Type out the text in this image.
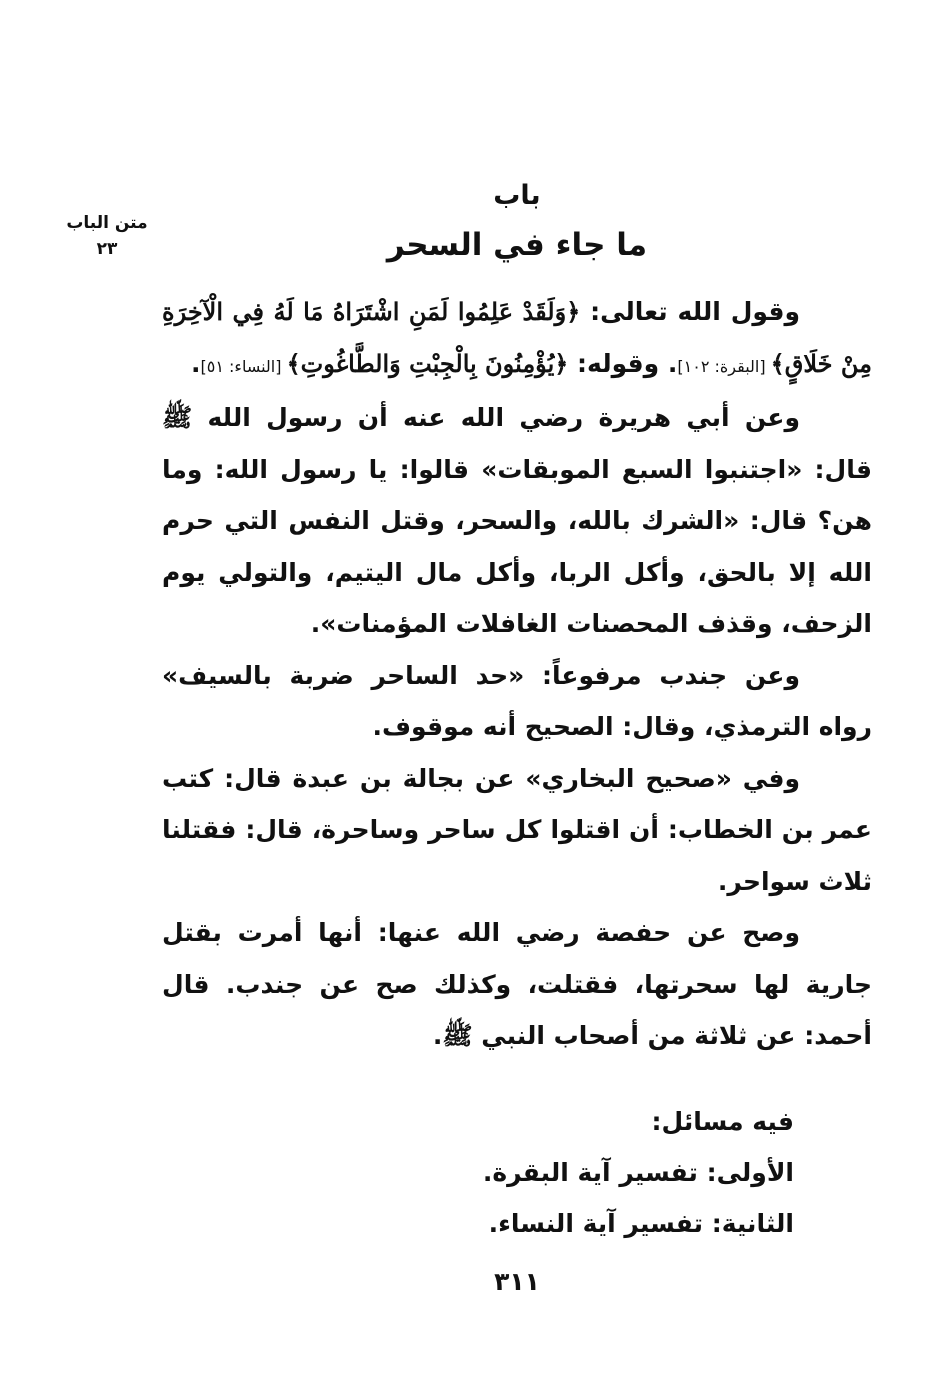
متن الباب
٢٣
باب
ما جاء في السحر

وقول الله تعالى: ﴿وَلَقَدْ عَلِمُوا لَمَنِ اشْتَرَاهُ مَا لَهُ فِي الْآخِرَةِ مِنْ خَلَاقٍ﴾ [البقرة: ١٠٢]. وقوله: ﴿يُؤْمِنُونَ بِالْجِبْتِ وَالطَّاغُوتِ﴾ [النساء: ٥١].

وعن أبي هريرة رضي الله عنه أن رسول الله ﷺ قال: «اجتنبوا السبع الموبقات» قالوا: يا رسول الله: وما هن؟ قال: «الشرك بالله، والسحر، وقتل النفس التي حرم الله إلا بالحق، وأكل الربا، وأكل مال اليتيم، والتولي يوم الزحف، وقذف المحصنات الغافلات المؤمنات».

وعن جندب مرفوعاً: «حد الساحر ضربة بالسيف» رواه الترمذي، وقال: الصحيح أنه موقوف.

وفي «صحيح البخاري» عن بجالة بن عبدة قال: كتب عمر بن الخطاب: أن اقتلوا كل ساحر وساحرة، قال: فقتلنا ثلاث سواحر.

وصح عن حفصة رضي الله عنها: أنها أمرت بقتل جارية لها سحرتها، فقتلت، وكذلك صح عن جندب. قال أحمد: عن ثلاثة من أصحاب النبي ﷺ.

فيه مسائل:
الأولى: تفسير آية البقرة.
الثانية: تفسير آية النساء.
٣١١
